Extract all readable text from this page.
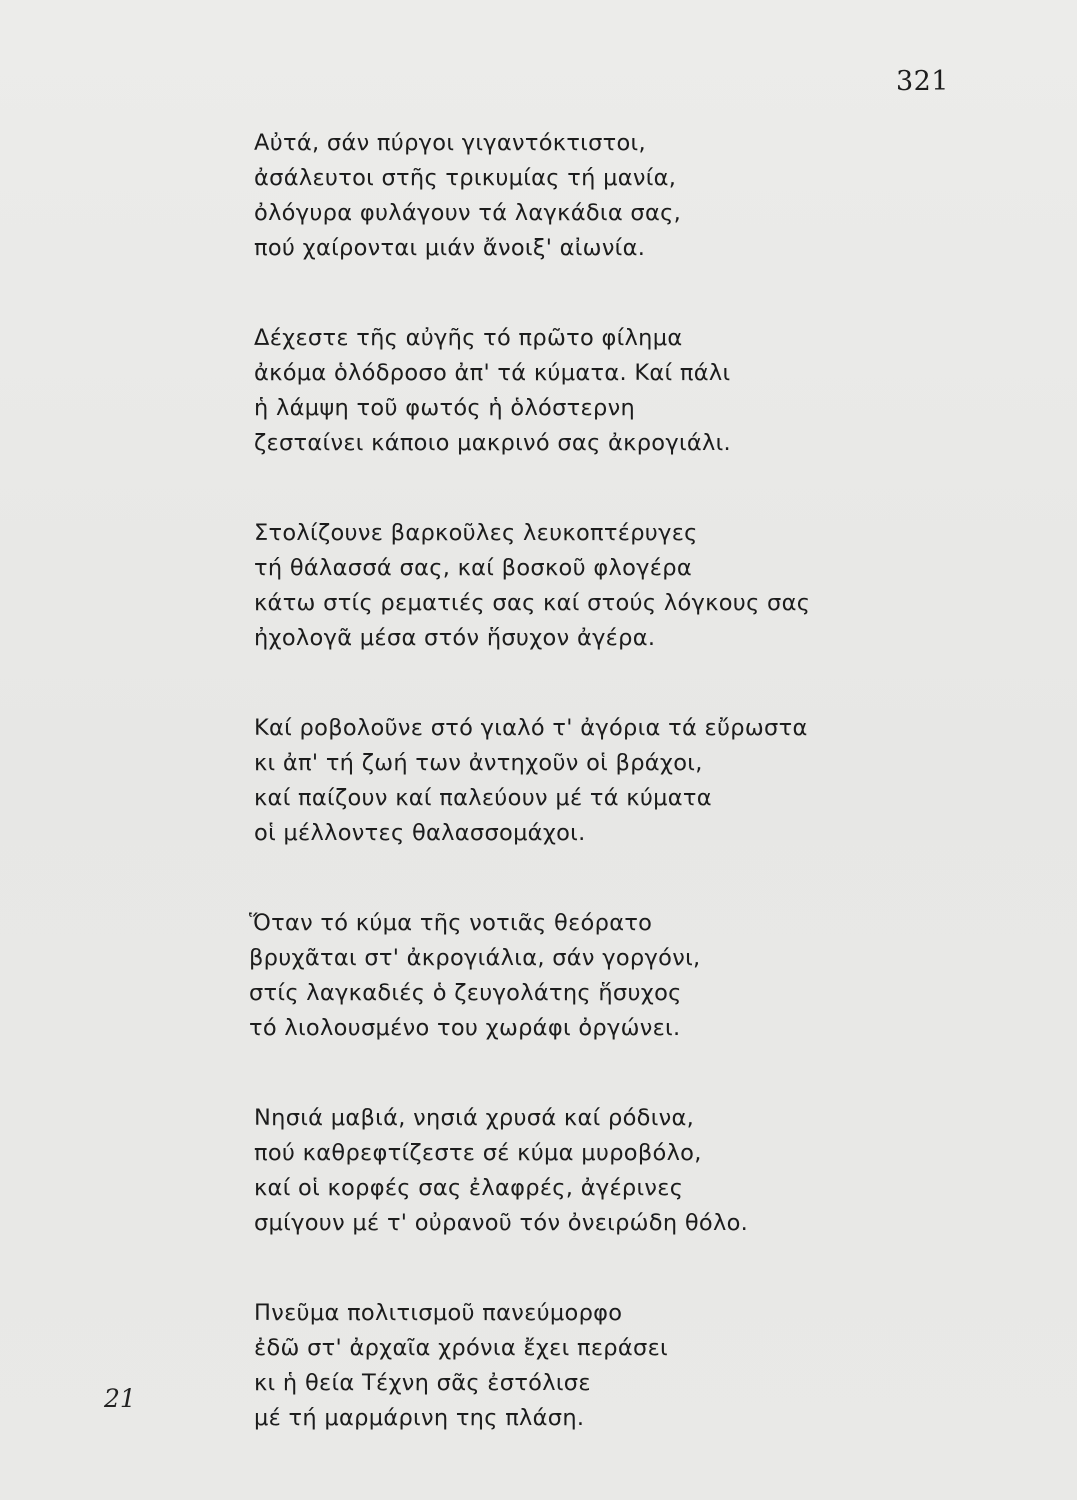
321
Αὐτά, σάν πύργοι γιγαντόκτιστοι,
ἀσάλευτοι στῆς τρικυμίας τή μανία,
ὀλόγυρα φυλάγουν τά λαγκάδια σας,
πού χαίρονται μιάν ἄνοιξ' αἰωνία.
Δέχεστε τῆς αὐγῆς τό πρῶτο φίλημα
ἀκόμα ὁλόδροσο ἀπ' τά κύματα. Καί πάλι
ἡ λάμψη τοῦ φωτός ἡ ὁλόστερνη
ζεσταίνει κάποιο μακρινό σας ἀκρογιάλι.
Στολίζουνε βαρκοῦλες λευκοπτέρυγες
τή θάλασσά σας, καί βοσκοῦ φλογέρα
κάτω στίς ρεματιές σας καί στούς λόγκους σας
ἠχολογᾶ μέσα στόν ἥσυχον ἀγέρα.
Καί ροβολοῦνε στό γιαλό τ' ἀγόρια τά εὔρωστα
κι ἀπ' τή ζωή των ἀντηχοῦν οἱ βράχοι,
καί παίζουν καί παλεύουν μέ τά κύματα
οἱ μέλλοντες θαλασσομάχοι.
Ὅταν τό κύμα τῆς νοτιᾶς θεόρατο
βρυχᾶται στ' ἀκρογιάλια, σάν γοργόνι,
στίς λαγκαδιές ὁ ζευγολάτης ἥσυχος
τό λιολουσμένο του χωράφι ὀργώνει.
Νησιά μαβιά, νησιά χρυσά καί ρόδινα,
πού καθρεφτίζεστε σέ κύμα μυροβόλο,
καί οἱ κορφές σας ἐλαφρές, ἀγέρινες
σμίγουν μέ τ' οὐρανοῦ τόν ὀνειρώδη θόλο.
Πνεῦμα πολιτισμοῦ πανεύμορφο
ἐδῶ στ' ἀρχαῖα χρόνια ἔχει περάσει
κι ἡ θεία Τέχνη σᾶς ἐστόλισε
μέ τή μαρμάρινη της πλάση.
21
